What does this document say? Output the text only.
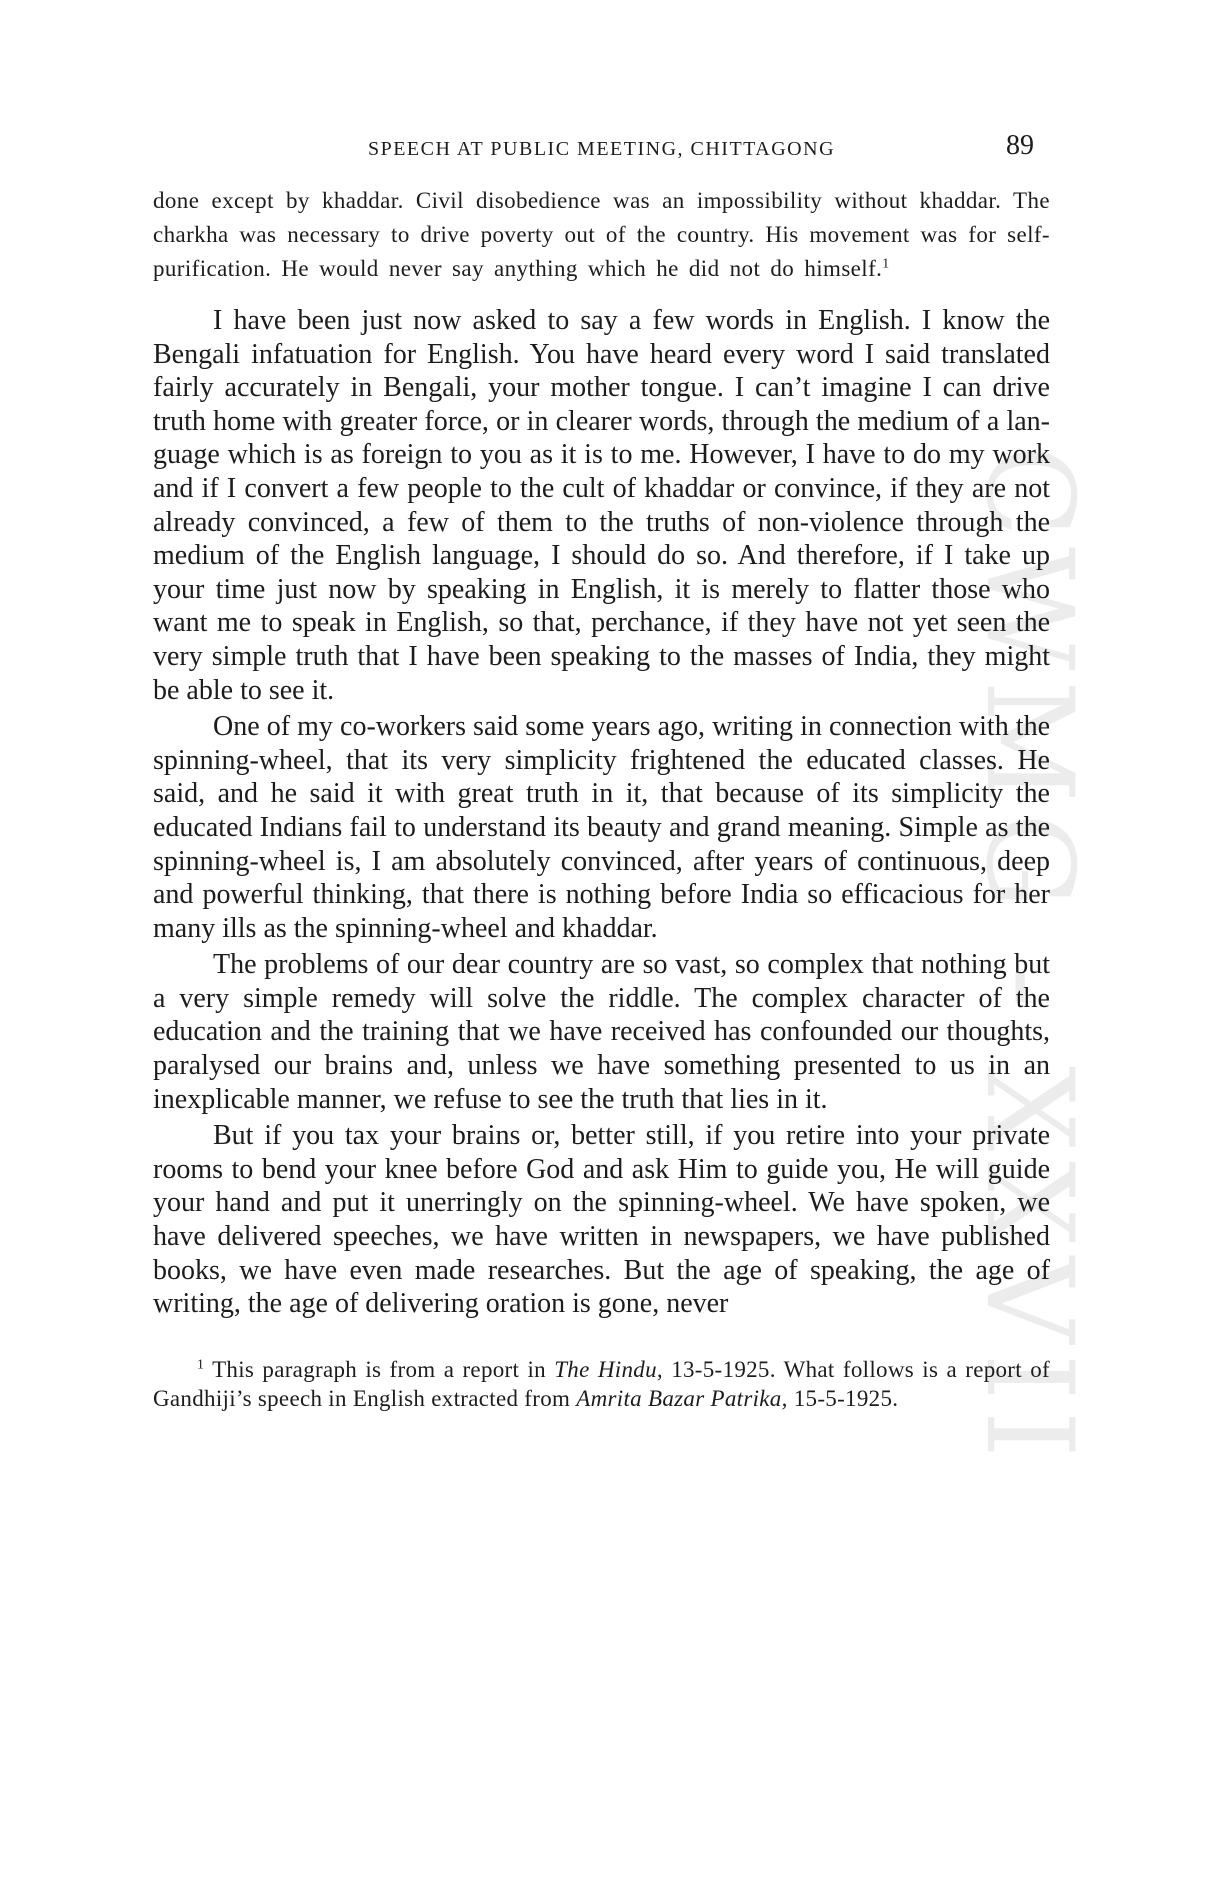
CWMG - XXVII
SPEECH AT PUBLIC MEETING, CHITTAGONG	89

done except by khaddar. Civil disobedience was an impossibility without khaddar. The charkha was necessary to drive poverty out of the country. His movement was for self-purification. He would never say anything which he did not do himself.$^1$

I have been just now asked to say a few words in English. I know the Bengali infatuation for English. You have heard every word I said translated fairly accurately in Bengali, your mother tongue. I can’t imagine I can drive truth home with greater force, or in clearer words, through the medium of a language which is as foreign to you as it is to me. However, I have to do my work and if I convert a few people to the cult of khaddar or convince, if they are not already convinced, a few of them to the truths of non-violence through the medium of the English language, I should do so. And therefore, if I take up your time just now by speaking in English, it is merely to flatter those who want me to speak in English, so that, perchance, if they have not yet seen the very simple truth that I have been speaking to the masses of India, they might be able to see it.

One of my co-workers said some years ago, writing in connection with the spinning-wheel, that its very simplicity frightened the educated classes. He said, and he said it with great truth in it, that because of its simplicity the educated Indians fail to understand its beauty and grand meaning. Simple as the spinning-wheel is, I am absolutely convinced, after years of continuous, deep and powerful thinking, that there is nothing before India so efficacious for her many ills as the spinning-wheel and khaddar.

The problems of our dear country are so vast, so complex that nothing but a very simple remedy will solve the riddle. The complex character of the education and the training that we have received has confounded our thoughts, paralysed our brains and, unless we have something presented to us in an inexplicable manner, we refuse to see the truth that lies in it.

But if you tax your brains or, better still, if you retire into your private rooms to bend your knee before God and ask Him to guide you, He will guide your hand and put it unerringly on the spinning-wheel. We have spoken, we have delivered speeches, we have written in newspapers, we have published books, we have even made researches. But the age of speaking, the age of writing, the age of delivering oration is gone, never

$^1$ This paragraph is from a report in The Hindu, 13-5-1925. What follows is a report of Gandhiji’s speech in English extracted from Amrita Bazar Patrika, 15-5-1925.
